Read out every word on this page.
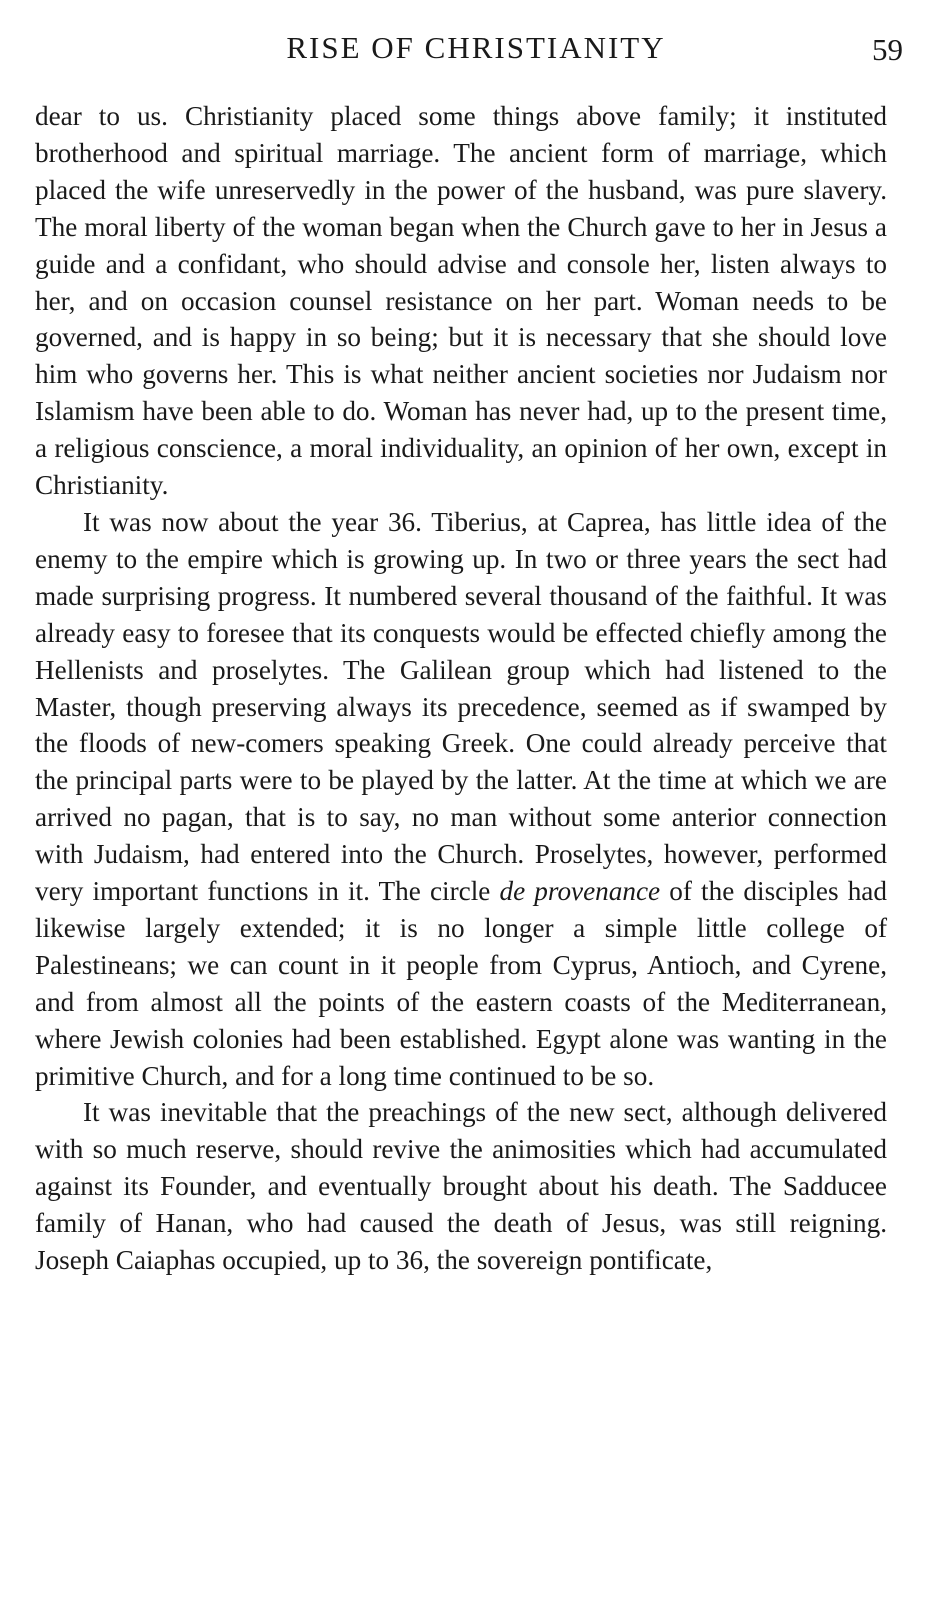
RISE OF CHRISTIANITY	59

dear to us. Christianity placed some things above family; it instituted brotherhood and spiritual marriage. The ancient form of marriage, which placed the wife unreservedly in the power of the husband, was pure slavery. The moral liberty of the woman began when the Church gave to her in Jesus a guide and a confidant, who should advise and console her, listen always to her, and on occasion counsel resistance on her part. Woman needs to be governed, and is happy in so being; but it is necessary that she should love him who governs her. This is what neither ancient societies nor Judaism nor Islamism have been able to do. Woman has never had, up to the present time, a religious conscience, a moral individuality, an opinion of her own, except in Christianity.

It was now about the year 36. Tiberius, at Caprea, has little idea of the enemy to the empire which is growing up. In two or three years the sect had made surprising progress. It numbered several thousand of the faithful. It was already easy to foresee that its conquests would be effected chiefly among the Hellenists and proselytes. The Galilean group which had listened to the Master, though preserving always its precedence, seemed as if swamped by the floods of new-comers speaking Greek. One could already perceive that the principal parts were to be played by the latter. At the time at which we are arrived no pagan, that is to say, no man without some anterior connection with Judaism, had entered into the Church. Proselytes, however, performed very important functions in it. The circle de provenance of the disciples had likewise largely extended; it is no longer a simple little college of Palestineans; we can count in it people from Cyprus, Antioch, and Cyrene, and from almost all the points of the eastern coasts of the Mediterranean, where Jewish colonies had been established. Egypt alone was wanting in the primitive Church, and for a long time continued to be so.

It was inevitable that the preachings of the new sect, although delivered with so much reserve, should revive the animosities which had accumulated against its Founder, and eventually brought about his death. The Sadducee family of Hanan, who had caused the death of Jesus, was still reigning. Joseph Caiaphas occupied, up to 36, the sovereign pontificate,
